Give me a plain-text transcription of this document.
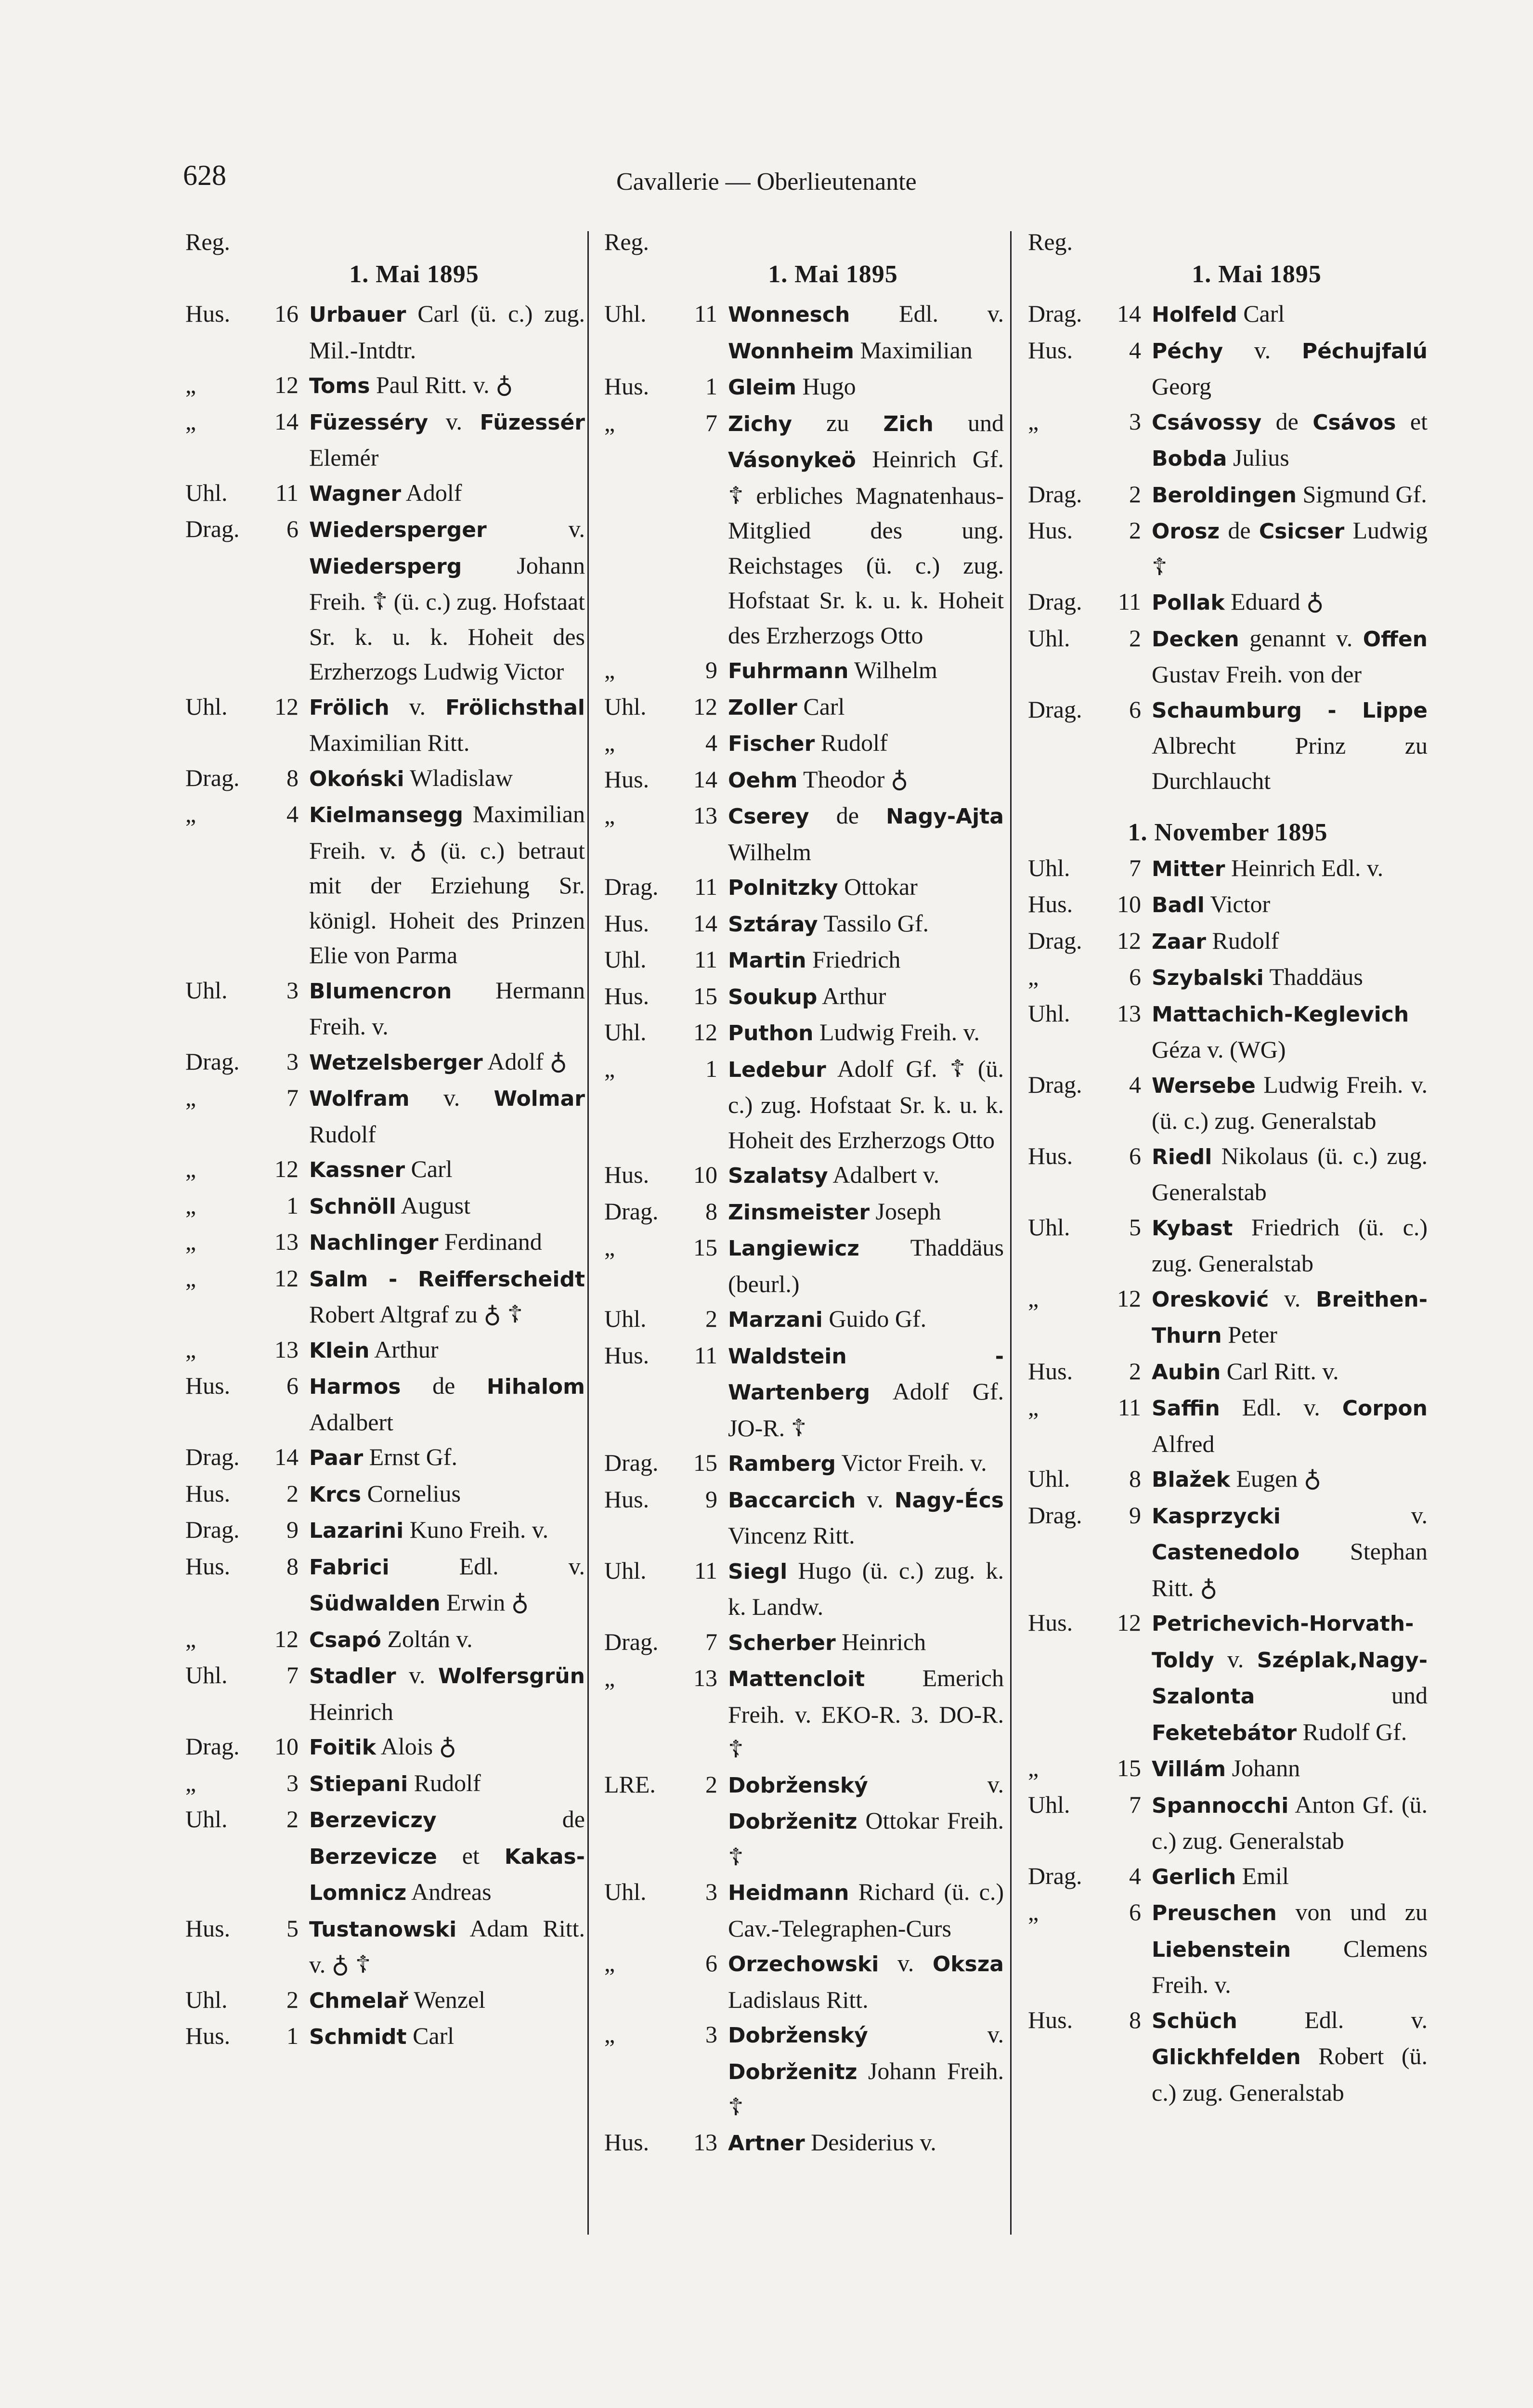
628	Cavallerie — Oberlieutenante
Reg.
1. Mai 1895
Hus.	16 Urbauer Carl (ü. c.) zug. Mil.-Intdtr.
„	12 Toms Paul Ritt. v. ♁
„	14 Füzesséry v. Füzessér Elemér
Uhl.	11 Wagner Adolf
Drag.	6 Wiedersperger v. Wiedersperg Johann Freih. ☦ (ü. c.) zug. Hofstaat Sr. k. u. k. Hoheit des Erzherzogs Ludwig Victor
Uhl.	12 Frölich v. Frölichsthal Maximilian Ritt.
Drag.	8 Okoński Wladislaw
„	4 Kielmansegg Maximilian Freih. v. ♁ (ü. c.) betraut mit der Erziehung Sr. königl. Hoheit des Prinzen Elie von Parma
Uhl.	3 Blumencron Hermann Freih. v.
Drag.	3 Wetzelsberger Adolf ♁
„	7 Wolfram v. Wolmar Rudolf
„	12 Kassner Carl
„	1 Schnöll August
„	13 Nachlinger Ferdinand
„	12 Salm - Reifferscheidt Robert Altgraf zu ♁ ☦
„	13 Klein Arthur
Hus.	6 Harmos de Hihalom Adalbert
Drag.	14 Paar Ernst Gf.
Hus.	2 Krcs Cornelius
Drag.	9 Lazarini Kuno Freih. v.
Hus.	8 Fabrici Edl. v. Südwalden Erwin ♁
„	12 Csapó Zoltán v.
Uhl.	7 Stadler v. Wolfersgrün Heinrich
Drag.	10 Foitik Alois ♁
„	3 Stiepani Rudolf
Uhl.	2 Berzeviczy de Berzevicze et Kakas-Lomnicz Andreas
Hus.	5 Tustanowski Adam Ritt. v. ♁ ☦
Uhl.	2 Chmelař Wenzel
Hus.	1 Schmidt Carl
Reg.
1. Mai 1895
Uhl.	11 Wonnesch Edl. v. Wonnheim Maximilian
Hus.	1 Gleim Hugo
„	7 Zichy zu Zich und Vásonykeö Heinrich Gf. ☦ erbliches Magnatenhaus-Mitglied des ung. Reichstages (ü. c.) zug. Hofstaat Sr. k. u. k. Hoheit des Erzherzogs Otto
„	9 Fuhrmann Wilhelm
Uhl.	12 Zoller Carl
„	4 Fischer Rudolf
Hus.	14 Oehm Theodor ♁
„	13 Cserey de Nagy-Ajta Wilhelm
Drag.	11 Polnitzky Ottokar
Hus.	14 Sztáray Tassilo Gf.
Uhl.	11 Martin Friedrich
Hus.	15 Soukup Arthur
Uhl.	12 Puthon Ludwig Freih. v.
„	1 Ledebur Adolf Gf. ☦ (ü. c.) zug. Hofstaat Sr. k. u. k. Hoheit des Erzherzogs Otto
Hus.	10 Szalatsy Adalbert v.
Drag.	8 Zinsmeister Joseph
„	15 Langiewicz Thaddäus (beurl.)
Uhl.	2 Marzani Guido Gf.
Hus.	11 Waldstein - Wartenberg Adolf Gf. JO-R. ☦
Drag.	15 Ramberg Victor Freih. v.
Hus.	9 Baccarcich v. Nagy-Écs Vincenz Ritt.
Uhl.	11 Siegl Hugo (ü. c.) zug. k. k. Landw.
Drag.	7 Scherber Heinrich
„	13 Mattencloit Emerich Freih. v. EKO-R. 3. DO-R. ☦
LRE.	2 Dobrženský v. Dobrženitz Ottokar Freih. ☦
Uhl.	3 Heidmann Richard (ü. c.) Cav.-Telegraphen-Curs
„	6 Orzechowski v. Oksza Ladislaus Ritt.
„	3 Dobrženský v. Dobrženitz Johann Freih. ☦
Hus.	13 Artner Desiderius v.
Reg.
1. Mai 1895
Drag.	14 Holfeld Carl
Hus.	4 Péchy v. Péchujfalú Georg
„	3 Csávossy de Csávos et Bobda Julius
Drag.	2 Beroldingen Sigmund Gf.
Hus.	2 Orosz de Csicser Ludwig ☦
Drag.	11 Pollak Eduard ♁
Uhl.	2 Decken genannt v. Offen Gustav Freih. von der
Drag.	6 Schaumburg - Lippe Albrecht Prinz zu Durchlaucht
1. November 1895
Uhl.	7 Mitter Heinrich Edl. v.
Hus.	10 Badl Victor
Drag.	12 Zaar Rudolf
„	6 Szybalski Thaddäus
Uhl.	13 Mattachich-Keglevich Géza v. (WG)
Drag.	4 Wersebe Ludwig Freih. v. (ü. c.) zug. Generalstab
Hus.	6 Riedl Nikolaus (ü. c.) zug. Generalstab
Uhl.	5 Kybast Friedrich (ü. c.) zug. Generalstab
„	12 Oresković v. Breithen-Thurn Peter
Hus.	2 Aubin Carl Ritt. v.
„	11 Saffin Edl. v. Corpon Alfred
Uhl.	8 Blažek Eugen ♁
Drag.	9 Kasprzycki v. Castenedolo Stephan Ritt. ♁
Hus.	12 Petrichevich-Horvath-Toldy v. Széplak,Nagy-Szalonta und Feketebátor Rudolf Gf.
„	15 Villám Johann
Uhl.	7 Spannocchi Anton Gf. (ü. c.) zug. Generalstab
Drag.	4 Gerlich Emil
„	6 Preuschen von und zu Liebenstein Clemens Freih. v.
Hus.	8 Schüch Edl. v. Glickhfelden Robert (ü. c.) zug. Generalstab
